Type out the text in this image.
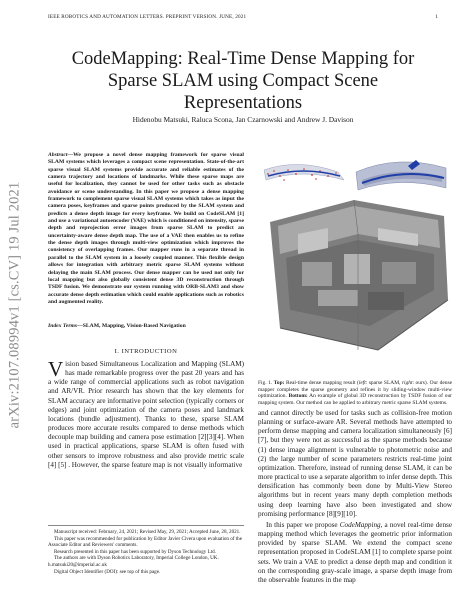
IEEE ROBOTICS AND AUTOMATION LETTERS. PREPRINT VERSION. JUNE, 2021	1
arXiv:2107.08994v1 [cs.CV] 19 Jul 2021
CodeMapping: Real-Time Dense Mapping for Sparse SLAM using Compact Scene Representations
Hidenobu Matsuki, Raluca Scona, Jan Czarnowski and Andrew J. Davison
Abstract—We propose a novel dense mapping framework for sparse visual SLAM systems which leverages a compact scene representation. State-of-the-art sparse visual SLAM systems provide accurate and reliable estimates of the camera trajectory and locations of landmarks. While these sparse maps are useful for localization, they cannot be used for other tasks such as obstacle avoidance or scene understanding. In this paper we propose a dense mapping framework to complement sparse visual SLAM systems which takes as input the camera poses, keyframes and sparse points produced by the SLAM system and predicts a dense depth image for every keyframe. We build on CodeSLAM [1] and use a variational autoencoder (VAE) which is conditioned on intensity, sparse depth and reprojection error images from sparse SLAM to predict an uncertainty-aware dense depth map. The use of a VAE then enables us to refine the dense depth images through multi-view optimization which improves the consistency of overlapping frames. Our mapper runs in a separate thread in parallel to the SLAM system in a loosely coupled manner. This flexible design allows for integration with arbitrary metric sparse SLAM systems without delaying the main SLAM process. Our dense mapper can be used not only for local mapping but also globally consistent dense 3D reconstruction through TSDF fusion. We demonstrate our system running with ORB-SLAM3 and show accurate dense depth estimation which could enable applications such as robotics and augmented reality.
Index Terms—SLAM, Mapping, Vision-Based Navigation
I. INTRODUCTION
Vision based Simultaneous Localization and Mapping (SLAM) has made remarkable progress over the past 20 years and has a wide range of commercial applications such as robot navigation and AR/VR. Prior research has shown that the key elements for SLAM accuracy are informative point selection (typically corners or edges) and joint optimization of the camera poses and landmark locations (bundle adjustment). Thanks to these, sparse SLAM produces more accurate results compared to dense methods which decouple map building and camera pose estimation [2][3][4]. When used in practical applications, sparse SLAM is often fused with other sensors to improve robustness and also provide metric scale [4] [5] . However, the sparse feature map is not visually informative

Manuscript received: February, 24, 2021; Revised May, 29, 2021; Accepted June, 28, 2021.

This paper was recommended for publication by Editor Javier Civera upon evaluation of the Associate Editor and Reviewers' comments.

Research presented in this paper has been supported by Dyson Technology Ltd.

The authors are with Dyson Robotics Laboratory, Imperial College London, UK. h.matsuki20@imperial.ac.uk

Digital Object Identifier (DOI): see top of this page.

Fig. 1. Top: Real-time dense mapping result (left: sparse SLAM, right: ours). Our dense mapper completes the sparse geometry and refines it by sliding-window multi-view optimization. Bottom: An example of global 3D reconstruction by TSDF fusion of our mapping system. Our method can be applied to arbitrary metric sparse SLAM systems.

and cannot directly be used for tasks such as collision-free motion planning or surface-aware AR. Several methods have attempted to perform dense mapping and camera localization simultaneously [6][7], but they were not as successful as the sparse methods because (1) dense image alignment is vulnerable to photometric noise and (2) the large number of scene parameters restricts real-time joint optimization. Therefore, instead of running dense SLAM, it can be more practical to use a separate algorithm to infer dense depth. This densification has commonly been done by Multi-View Stereo algorithms but in recent years many depth completion methods using deep learning have also been investigated and show promising performance [8][9][10].

In this paper we propose CodeMapping, a novel real-time dense mapping method which leverages the geometric prior information provided by sparse SLAM. We extend the compact scene representation proposed in CodeSLAM [1] to complete sparse point sets. We train a VAE to predict a dense depth map and condition it on the corresponding gray-scale image, a sparse depth image from the observable features in the map
